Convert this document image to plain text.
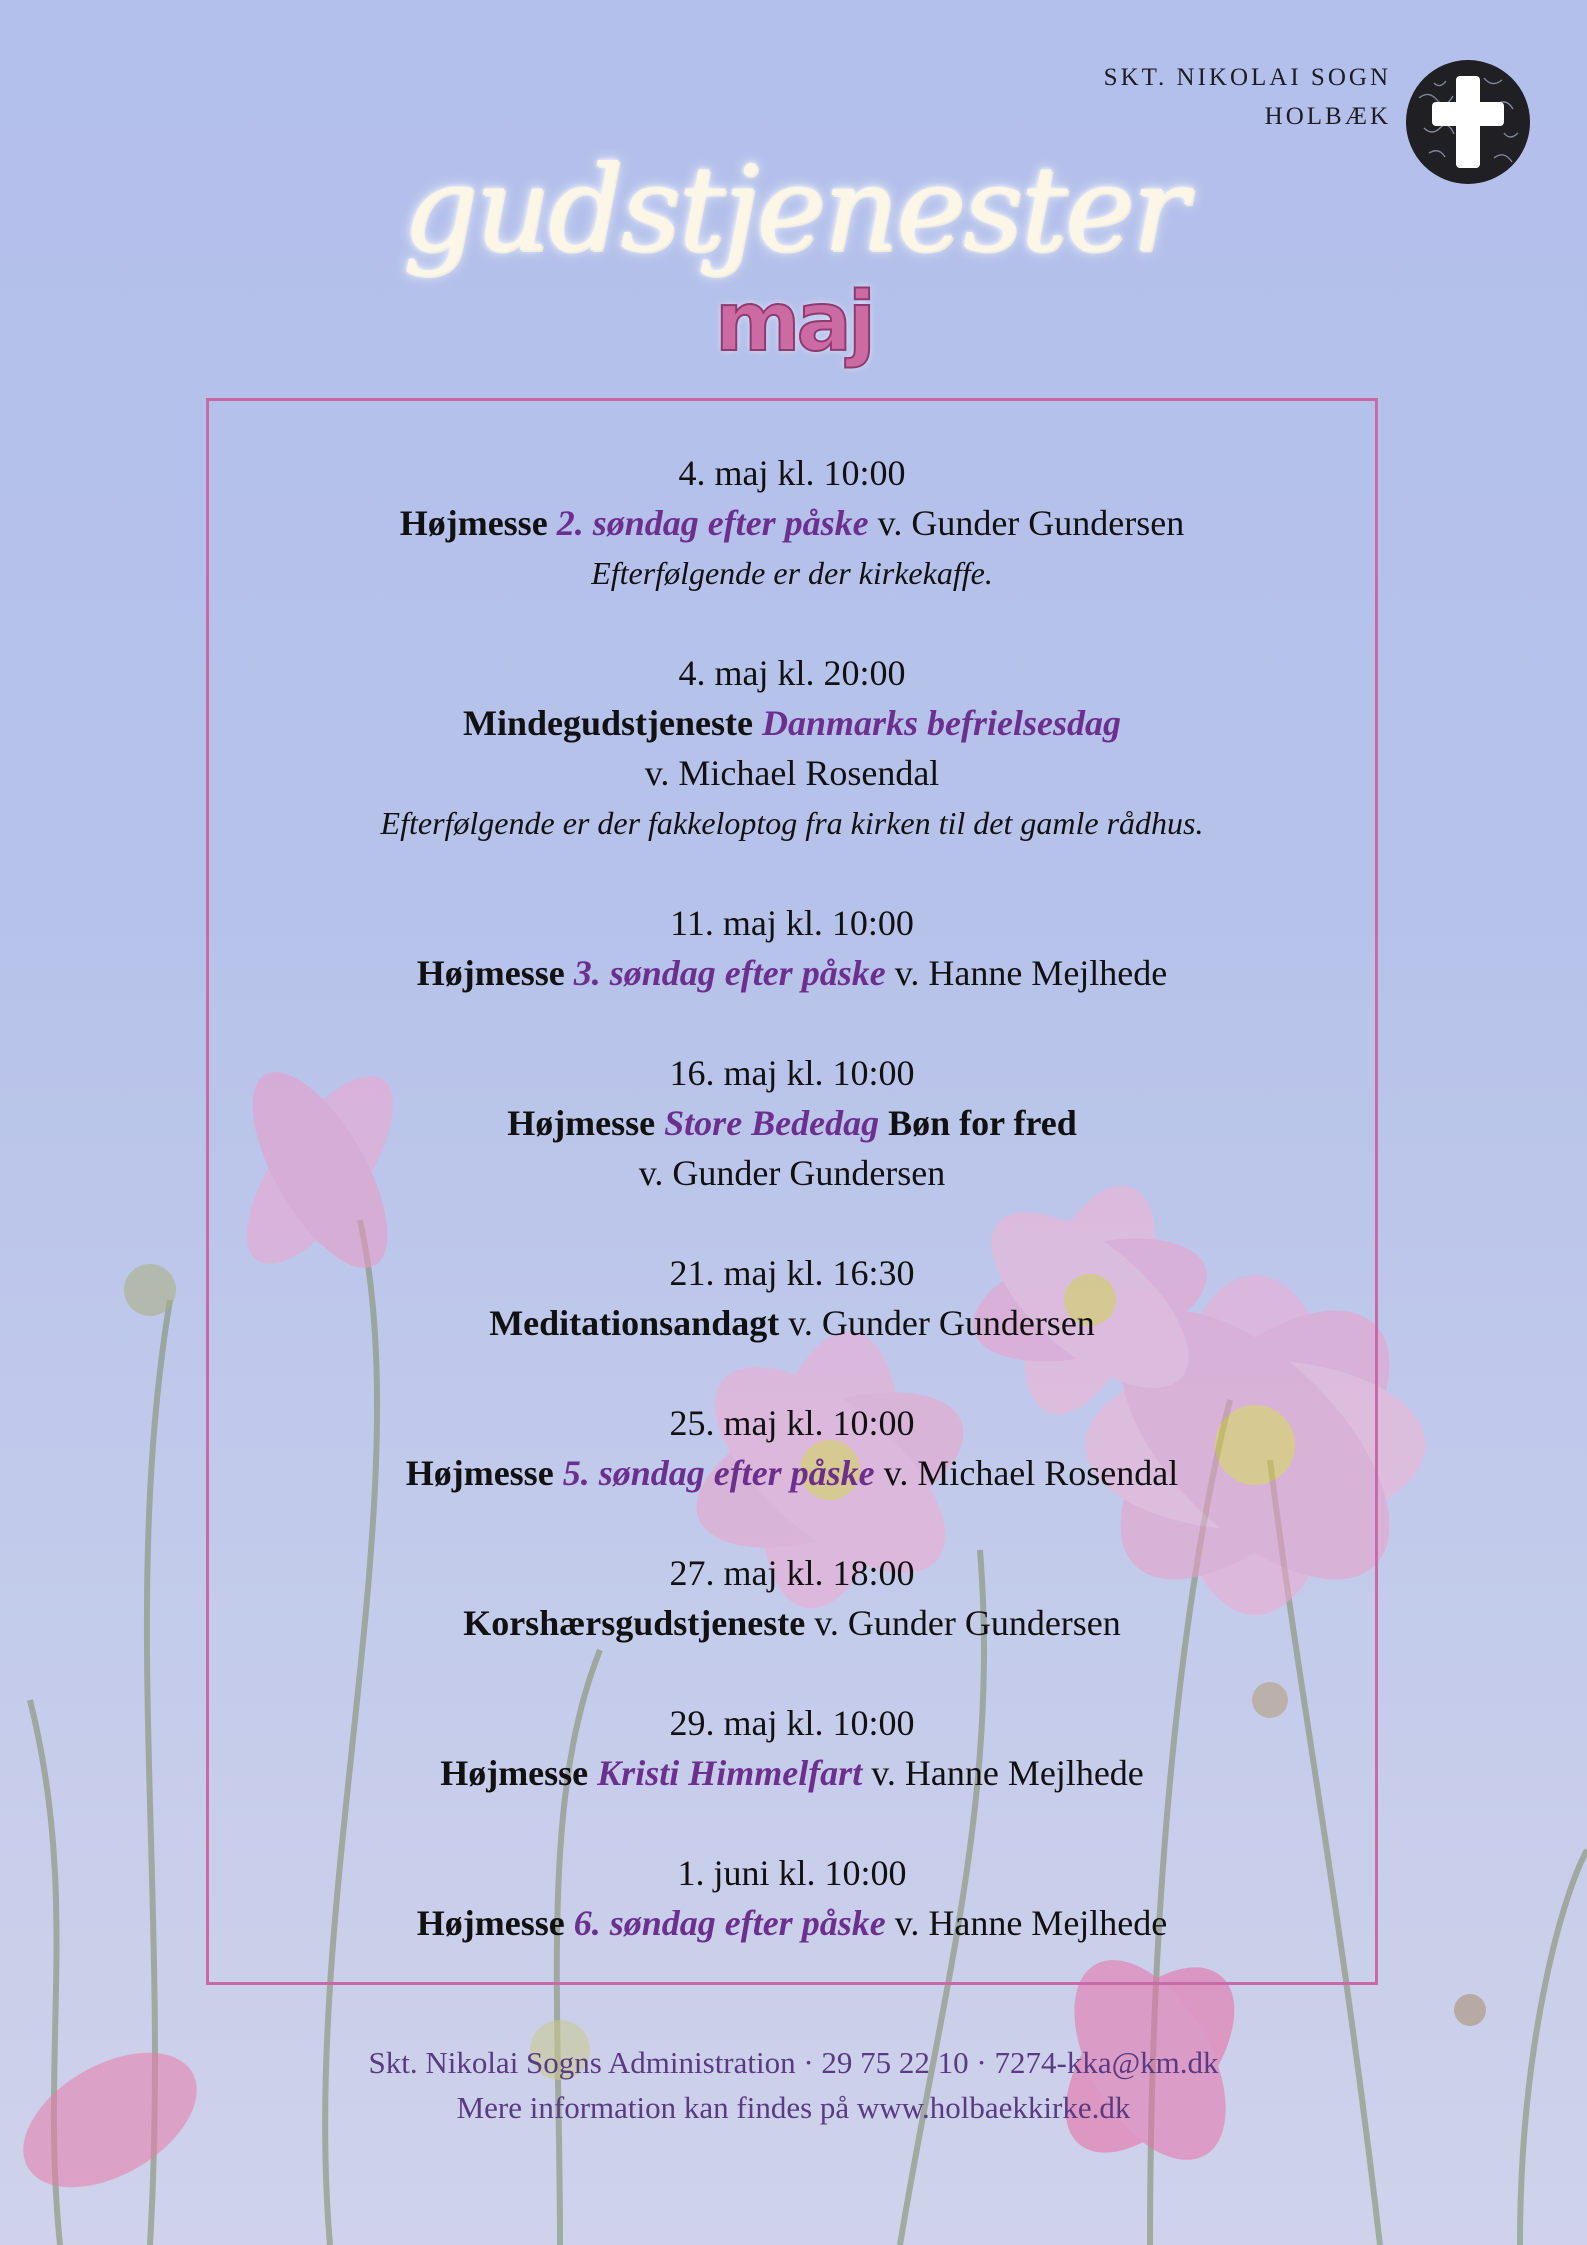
SKT. NIKOLAI SOGN
HOLBÆK
gudstjenester
maj
4. maj kl. 10:00
Højmesse 2. søndag efter påske v. Gunder Gundersen
Efterfølgende er der kirkekaffe.
4. maj kl. 20:00
Mindegudstjeneste Danmarks befrielsesdag
v. Michael Rosendal
Efterfølgende er der fakkeloptog fra kirken til det gamle rådhus.
11. maj kl. 10:00
Højmesse 3. søndag efter påske v. Hanne Mejlhede
16. maj kl. 10:00
Højmesse Store Bededag Bøn for fred
v. Gunder Gundersen
21. maj kl. 16:30
Meditationsandagt v. Gunder Gundersen
25. maj kl. 10:00
Højmesse 5. søndag efter påske v. Michael Rosendal
27. maj kl. 18:00
Korshærsgudstjeneste v. Gunder Gundersen
29. maj kl. 10:00
Højmesse Kristi Himmelfart v. Hanne Mejlhede
1. juni kl. 10:00
Højmesse 6. søndag efter påske v. Hanne Mejlhede
Skt. Nikolai Sogns Administration · 29 75 22 10 · 7274-kka@km.dk
Mere information kan findes på www.holbaekkirke.dk
